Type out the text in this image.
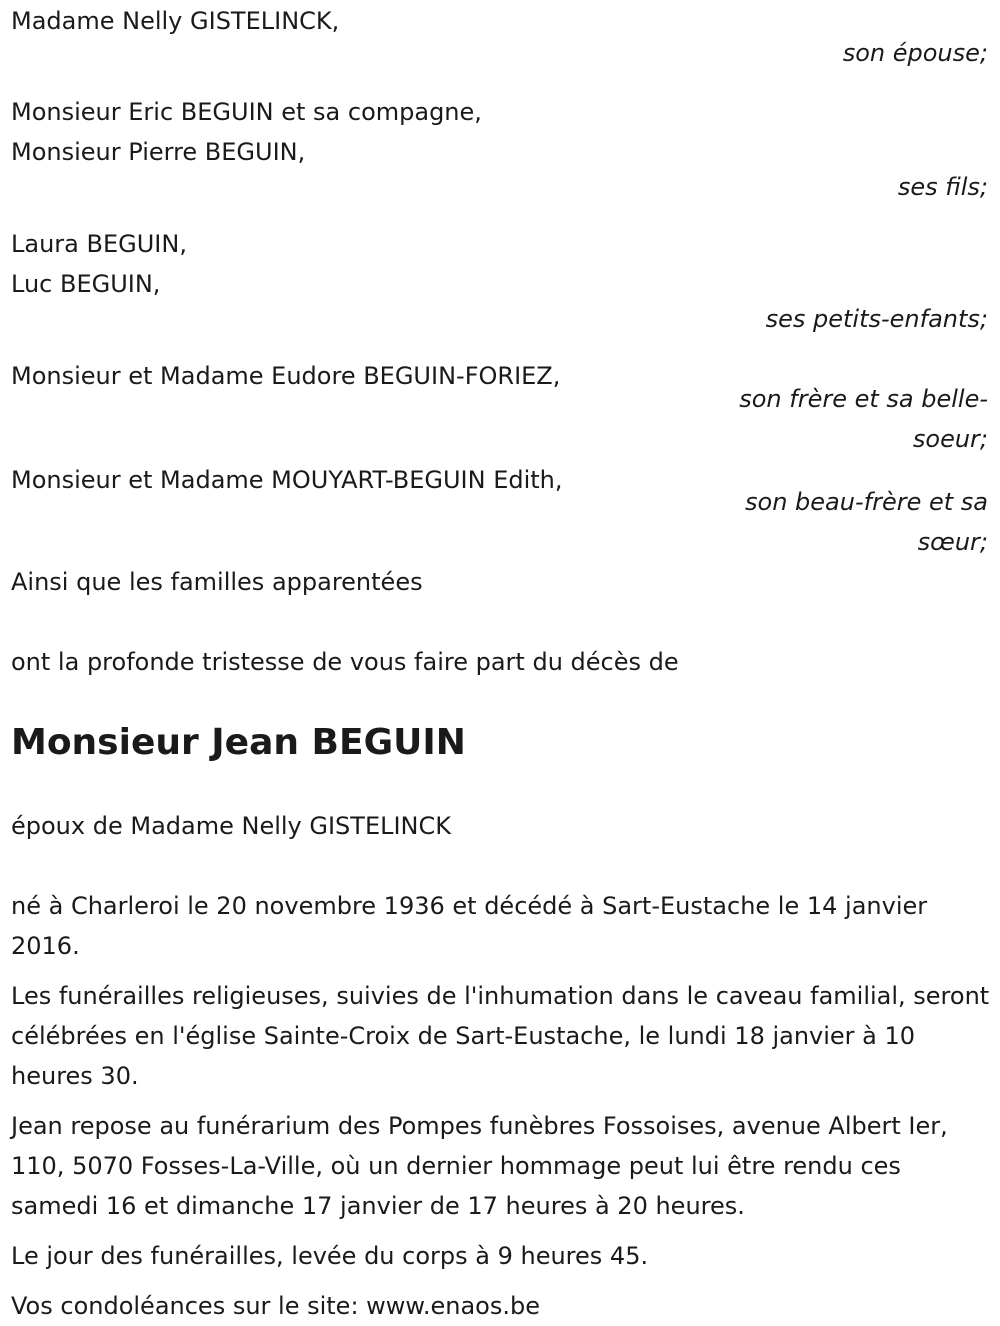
Madame Nelly GISTELINCK,
son épouse;
Monsieur Eric BEGUIN et sa compagne,
Monsieur Pierre BEGUIN,
ses fils;
Laura BEGUIN,
Luc BEGUIN,
ses petits-enfants;
Monsieur et Madame Eudore BEGUIN-FORIEZ,
son frère et sa belle-soeur;
Monsieur et Madame MOUYART-BEGUIN Edith,
son beau-frère et sa sœur;
Ainsi que les familles apparentées
ont la profonde tristesse de vous faire part du décès de
Monsieur Jean BEGUIN
époux de Madame Nelly GISTELINCK

né à Charleroi le 20 novembre 1936 et décédé à Sart-Eustache le 14 janvier 2016.

Les funérailles religieuses, suivies de l'inhumation dans le caveau familial, seront célébrées en l'église Sainte-Croix de Sart-Eustache, le lundi 18 janvier à 10 heures 30.

Jean repose au funérarium des Pompes funèbres Fossoises, avenue Albert Ier, 110, 5070 Fosses-La-Ville, où un dernier hommage peut lui être rendu ces samedi 16 et dimanche 17 janvier de 17 heures à 20 heures.

Le jour des funérailles, levée du corps à 9 heures 45.

Vos condoléances sur le site: www.enaos.be
